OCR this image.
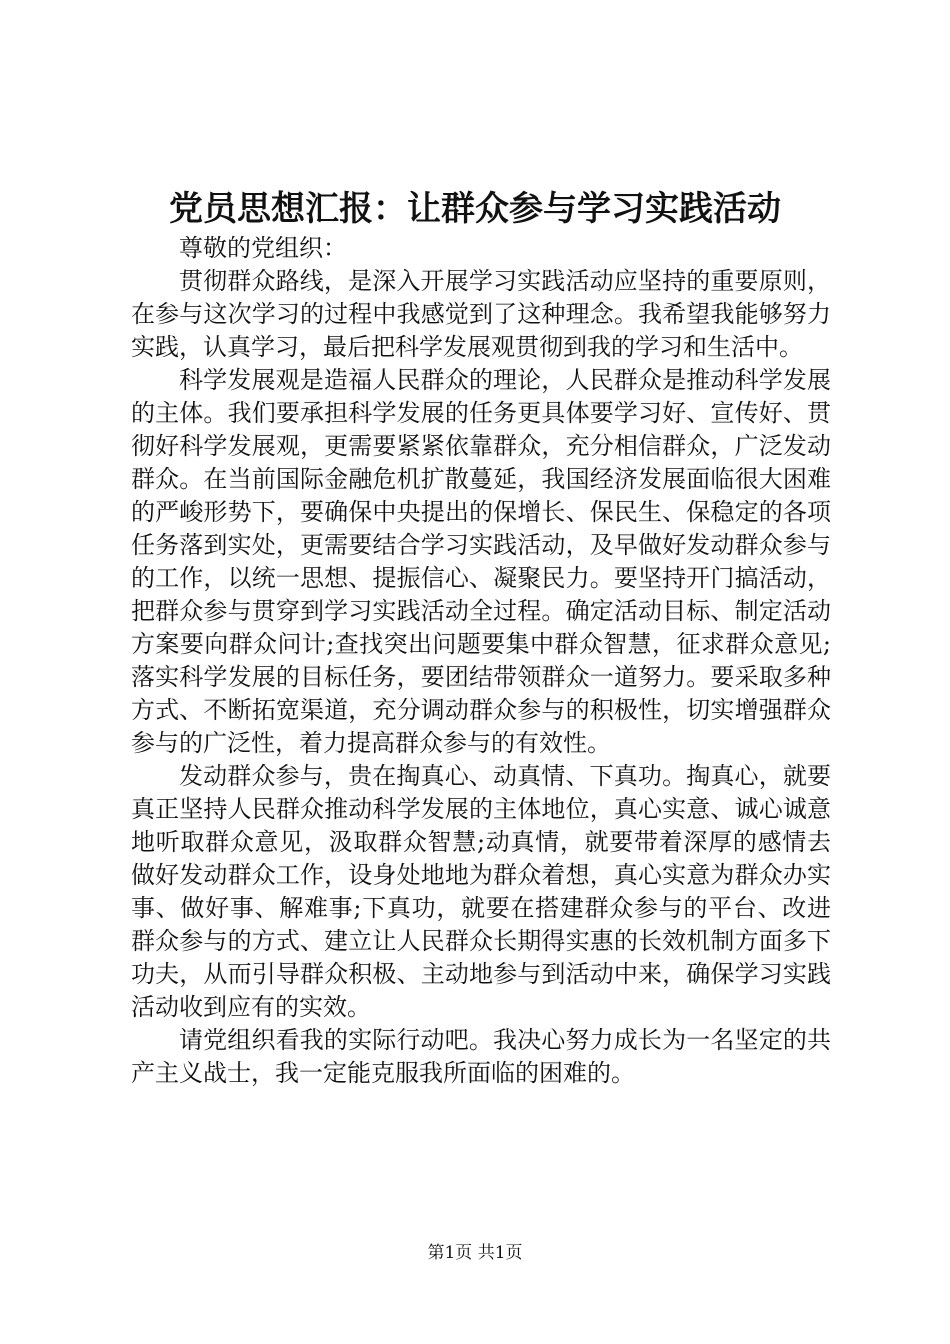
党员思想汇报：让群众参与学习实践活动

尊敬的党组织：

贯彻群众路线，是深入开展学习实践活动应坚持的重要原则，在参与这次学习的过程中我感觉到了这种理念。我希望我能够努力实践，认真学习，最后把科学发展观贯彻到我的学习和生活中。

科学发展观是造福人民群众的理论，人民群众是推动科学发展的主体。我们要承担科学发展的任务更具体要学习好、宣传好、贯彻好科学发展观，更需要紧紧依靠群众，充分相信群众，广泛发动群众。在当前国际金融危机扩散蔓延，我国经济发展面临很大困难的严峻形势下，要确保中央提出的保增长、保民生、保稳定的各项任务落到实处，更需要结合学习实践活动，及早做好发动群众参与的工作，以统一思想、提振信心、凝聚民力。要坚持开门搞活动，把群众参与贯穿到学习实践活动全过程。确定活动目标、制定活动方案要向群众问计;查找突出问题要集中群众智慧，征求群众意见;落实科学发展的目标任务，要团结带领群众一道努力。要采取多种方式、不断拓宽渠道，充分调动群众参与的积极性，切实增强群众参与的广泛性，着力提高群众参与的有效性。

发动群众参与，贵在掏真心、动真情、下真功。掏真心，就要真正坚持人民群众推动科学发展的主体地位，真心实意、诚心诚意地听取群众意见，汲取群众智慧;动真情，就要带着深厚的感情去做好发动群众工作，设身处地地为群众着想，真心实意为群众办实事、做好事、解难事;下真功，就要在搭建群众参与的平台、改进群众参与的方式、建立让人民群众长期得实惠的长效机制方面多下功夫，从而引导群众积极、主动地参与到活动中来，确保学习实践活动收到应有的实效。

请党组织看我的实际行动吧。我决心努力成长为一名坚定的共产主义战士，我一定能克服我所面临的困难的。

第1页 共1页
